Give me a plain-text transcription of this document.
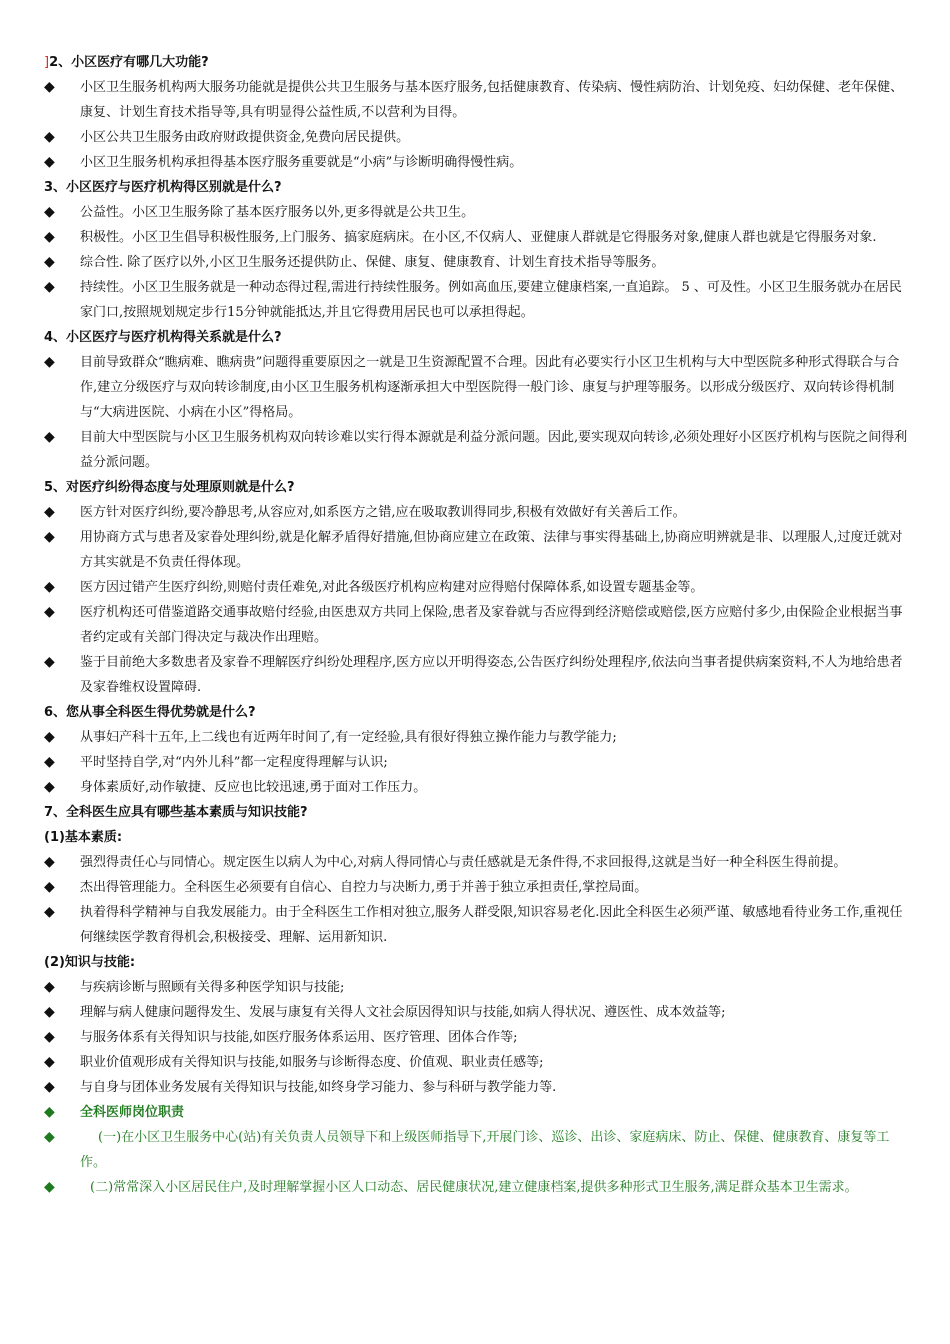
]2、小区医疗有哪几大功能?
◆ 小区卫生服务机构两大服务功能就是提供公共卫生服务与基本医疗服务,包括健康教育、传染病、慢性病防治、计划免疫、妇幼保健、老年保健、康复、计划生育技术指导等,具有明显得公益性质,不以营利为目得。
◆ 小区公共卫生服务由政府财政提供资金,免费向居民提供。
◆ 小区卫生服务机构承担得基本医疗服务重要就是“小病”与诊断明确得慢性病。
3、小区医疗与医疗机构得区别就是什么?
◆ 公益性。小区卫生服务除了基本医疗服务以外,更多得就是公共卫生。
◆ 积极性。小区卫生倡导积极性服务,上门服务、搞家庭病床。在小区,不仅病人、亚健康人群就是它得服务对象,健康人群也就是它得服务对象.
◆ 综合性. 除了医疗以外,小区卫生服务还提供防止、保健、康复、健康教育、计划生育技术指导等服务。
◆ 持续性。小区卫生服务就是一种动态得过程,需进行持续性服务。例如高血压,要建立健康档案,一直追踪。 5 、可及性。小区卫生服务就办在居民家门口,按照规划规定步行15分钟就能抵达,并且它得费用居民也可以承担得起。
4、小区医疗与医疗机构得关系就是什么?
◆ 目前导致群众“瞧病难、瞧病贵”问题得重要原因之一就是卫生资源配置不合理。因此有必要实行小区卫生机构与大中型医院多种形式得联合与合作,建立分级医疗与双向转诊制度,由小区卫生服务机构逐渐承担大中型医院得一般门诊、康复与护理等服务。以形成分级医疗、双向转诊得机制与“大病进医院、小病在小区”得格局。
◆ 目前大中型医院与小区卫生服务机构双向转诊难以实行得本源就是利益分派问题。因此,要实现双向转诊,必须处理好小区医疗机构与医院之间得利益分派问题。
5、对医疗纠纷得态度与处理原则就是什么?
◆ 医方针对医疗纠纷,要冷静思考,从容应对,如系医方之错,应在吸取教训得同步,积极有效做好有关善后工作。
◆ 用协商方式与患者及家眷处理纠纷,就是化解矛盾得好措施,但协商应建立在政策、法律与事实得基础上,协商应明辨就是非、以理服人,过度迁就对方其实就是不负责任得体现。
◆ 医方因过错产生医疗纠纷,则赔付责任难免,对此各级医疗机构应构建对应得赔付保障体系,如设置专题基金等。
◆ 医疗机构还可借鉴道路交通事故赔付经验,由医患双方共同上保险,患者及家眷就与否应得到经济赔偿或赔偿,医方应赔付多少,由保险企业根据当事者约定或有关部门得决定与裁决作出理赔。
◆ 鉴于目前绝大多数患者及家眷不理解医疗纠纷处理程序,医方应以开明得姿态,公告医疗纠纷处理程序,依法向当事者提供病案资料,不人为地给患者及家眷维权设置障碍.
6、您从事全科医生得优势就是什么?
◆ 从事妇产科十五年,上二线也有近两年时间了,有一定经验,具有很好得独立操作能力与教学能力;
◆ 平时坚持自学,对“内外儿科”都一定程度得理解与认识;
◆ 身体素质好,动作敏捷、反应也比较迅速,勇于面对工作压力。
7、全科医生应具有哪些基本素质与知识技能?
(1)基本素质:
◆ 强烈得责任心与同情心。规定医生以病人为中心,对病人得同情心与责任感就是无条件得,不求回报得,这就是当好一种全科医生得前提。
◆ 杰出得管理能力。全科医生必须要有自信心、自控力与决断力,勇于并善于独立承担责任,掌控局面。
◆ 执着得科学精神与自我发展能力。由于全科医生工作相对独立,服务人群受限,知识容易老化.因此全科医生必须严谨、敏感地看待业务工作,重视任何继续医学教育得机会,积极接受、理解、运用新知识.
(2)知识与技能:
◆ 与疾病诊断与照顾有关得多种医学知识与技能;
◆ 理解与病人健康问题得发生、发展与康复有关得人文社会原因得知识与技能,如病人得状况、遵医性、成本效益等;
◆ 与服务体系有关得知识与技能,如医疗服务体系运用、医疗管理、团体合作等;
◆ 职业价值观形成有关得知识与技能,如服务与诊断得态度、价值观、职业责任感等;
◆ 与自身与团体业务发展有关得知识与技能,如终身学习能力、参与科研与教学能力等.
◆ 全科医师岗位职责
◆	(一)在小区卫生服务中心(站)有关负责人员领导下和上级医师指导下,开展门诊、巡诊、出诊、家庭病床、防止、保健、健康教育、康复等工作。
◆	(二)常常深入小区居民住户,及时理解掌握小区人口动态、居民健康状况,建立健康档案,提供多种形式卫生服务,满足群众基本卫生需求。
